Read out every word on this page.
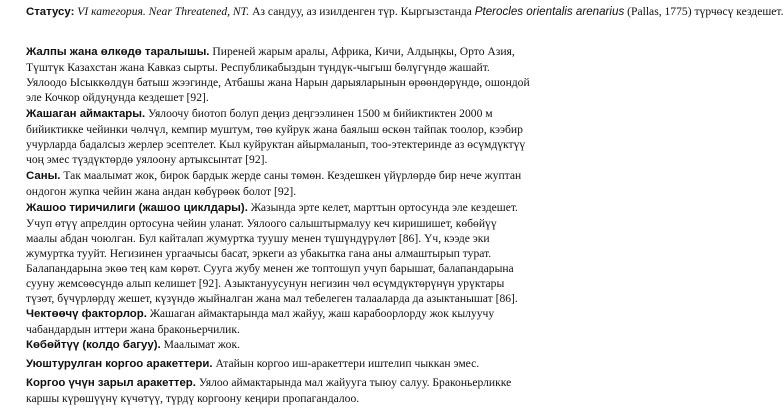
Статусу: VI категория. Near Threatened, NT. Аз сандуу, аз изилденген түр. Кыргызстанда Pterocles orientalis arenarius (Pallas, 1775) түрчөсү кездешет.

Жалпы жана өлкөдө таралышы. Пиреней жарым аралы, Африка, Кичи, Алдыңкы, Орто Азия,
Түштүк Казахстан жана Кавказ сырты. Республикабыздын түндүк-чыгыш бөлүгүндө жашайт.
Уялоодо Ысыккөлдүн батыш жээгинде, Атбашы жана Нарын дарыяларынын өрөөндөрүндө, ошондой
эле Кочкор ойдуңунда кездешет [92].

Жашаган аймактары. Уялоочу биотоп болуп деңиз деңгээлинен 1500 м бийиктиктен 2000 м
бийиктикке чейинки чөлчүл, кемпир муштум, төө куйрук жана баялыш өскөн тайпак тоолор, кээбир
учурларда бадалсыз жерлер эсептелет. Кыл куйруктан айырмаланып, тоо-этектеринде аз өсүмдүктүү
чоң эмес түздүктөрдө уялоону артыксынтат [92].

Саны. Так маалымат жок, бирок бардык жерде саны төмөн. Кездешкен үйүрлөрдө бир нече жуптан
ондогон жупка чейин жана андан көбүрөөк болот [92].

Жашоо тиричилиги (жашоо циклдары). Жазында эрте келет, марттын ортосунда эле кездешет.
Учуп өтүү апрелдин ортосуна чейин уланат. Уялоого салыштырмалуу кеч киришишет, көбөйүү
маалы абдан чоюлган. Бул кайталап жумуртка туушу менен түшүндүрүлөт [86]. Үч, кээде эки
жумуртка тууйт. Негизинен ургаачысы басат, эркеги аз убакытка гана аны алмаштырып турат.
Балапандарына экөө тең кам көрөт. Суугa жубу менен же топтошуп учуп барышат, балапандарына
сууну жемсөөсүндө алып келишет [92]. Азыктануусунун негизин чөл өсүмдүктөрүнүн урүктары
түзөт, бүчүрлөрдү жешет, күзүндө жыйналган жана мал тебелеген талааларда да азыктанышат [86].

Чектөөчү факторлор. Жашаган аймактарында мал жайуу, жаш карабоорлорду жок кылуучу
чабандардын иттери жана браконьерчилик.

Көбөйтүү (колдо багуу). Маалымат жок.

Уюштурулган коргоо аракеттери. Атайын коргоо иш-аракеттери иштелип чыккан эмес.

Коргоо үчүн зарыл аракеттер. Уялоо аймактарында мал жайууга тыюу салуу. Браконьерликке
каршы күрөшүүнү күчөтүү, түрдү коргоону кеңири пропагандалоо.
